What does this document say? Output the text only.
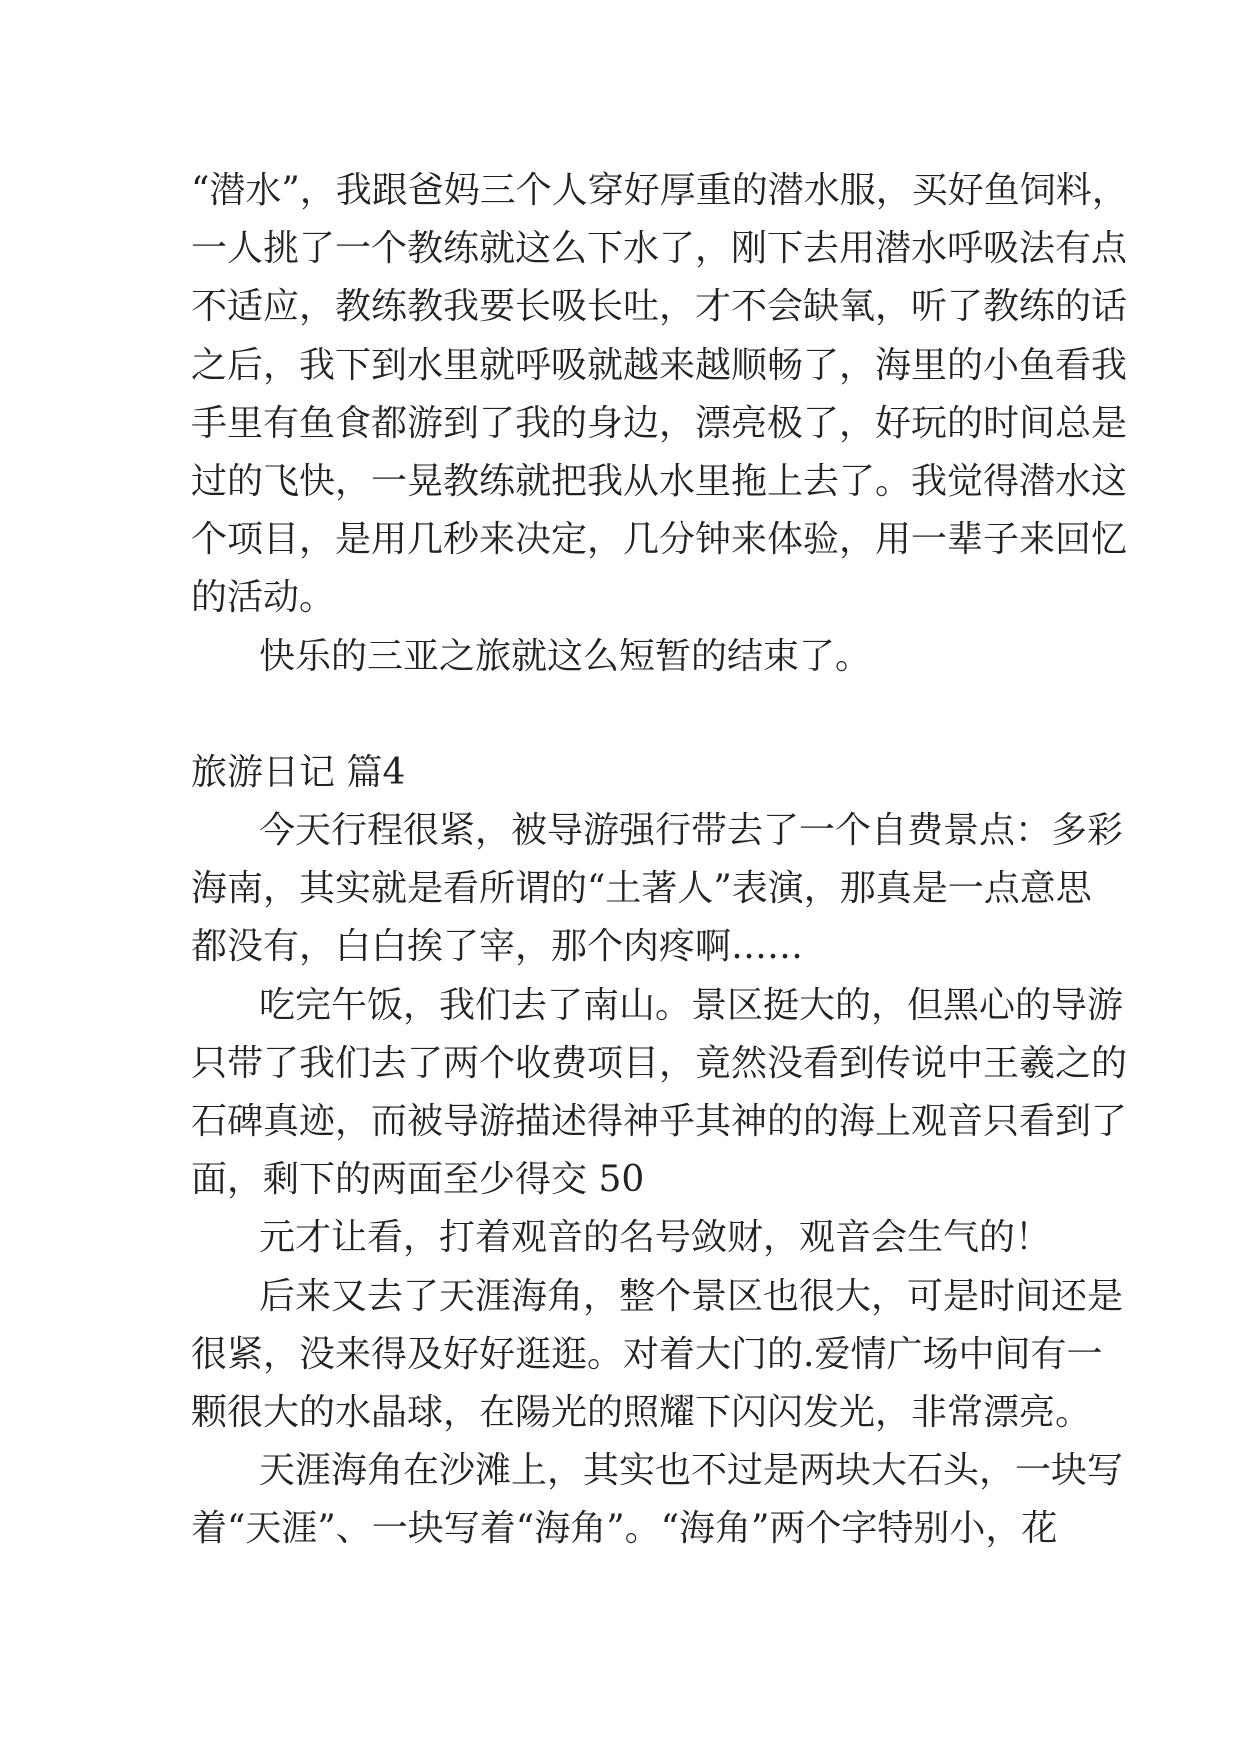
“潜水”，我跟爸妈三个人穿好厚重的潜水服，买好鱼饲料，
一人挑了一个教练就这么下水了，刚下去用潜水呼吸法有点
不适应，教练教我要长吸长吐，才不会缺氧，听了教练的话
之后，我下到水里就呼吸就越来越顺畅了，海里的小鱼看我
手里有鱼食都游到了我的身边，漂亮极了，好玩的时间总是
过的飞快，一晃教练就把我从水里拖上去了。我觉得潜水这
个项目，是用几秒来决定，几分钟来体验，用一辈子来回忆
的活动。
快乐的三亚之旅就这么短暂的结束了。
旅游日记 篇4
今天行程很紧，被导游强行带去了一个自费景点：多彩
海南，其实就是看所谓的“土著人”表演，那真是一点意思
都没有，白白挨了宰，那个肉疼啊……
吃完午饭，我们去了南山。景区挺大的，但黑心的导游
只带了我们去了两个收费项目，竟然没看到传说中王羲之的
石碑真迹，而被导游描述得神乎其神的的海上观音只看到了
面，剩下的两面至少得交 50
元才让看，打着观音的名号敛财，观音会生气的！
后来又去了天涯海角，整个景区也很大，可是时间还是
很紧，没来得及好好逛逛。对着大门的.爱情广场中间有一
颗很大的水晶球，在陽光的照耀下闪闪发光，非常漂亮。
天涯海角在沙滩上，其实也不过是两块大石头，一块写
着“天涯”、一块写着“海角”。“海角”两个字特别小，花
